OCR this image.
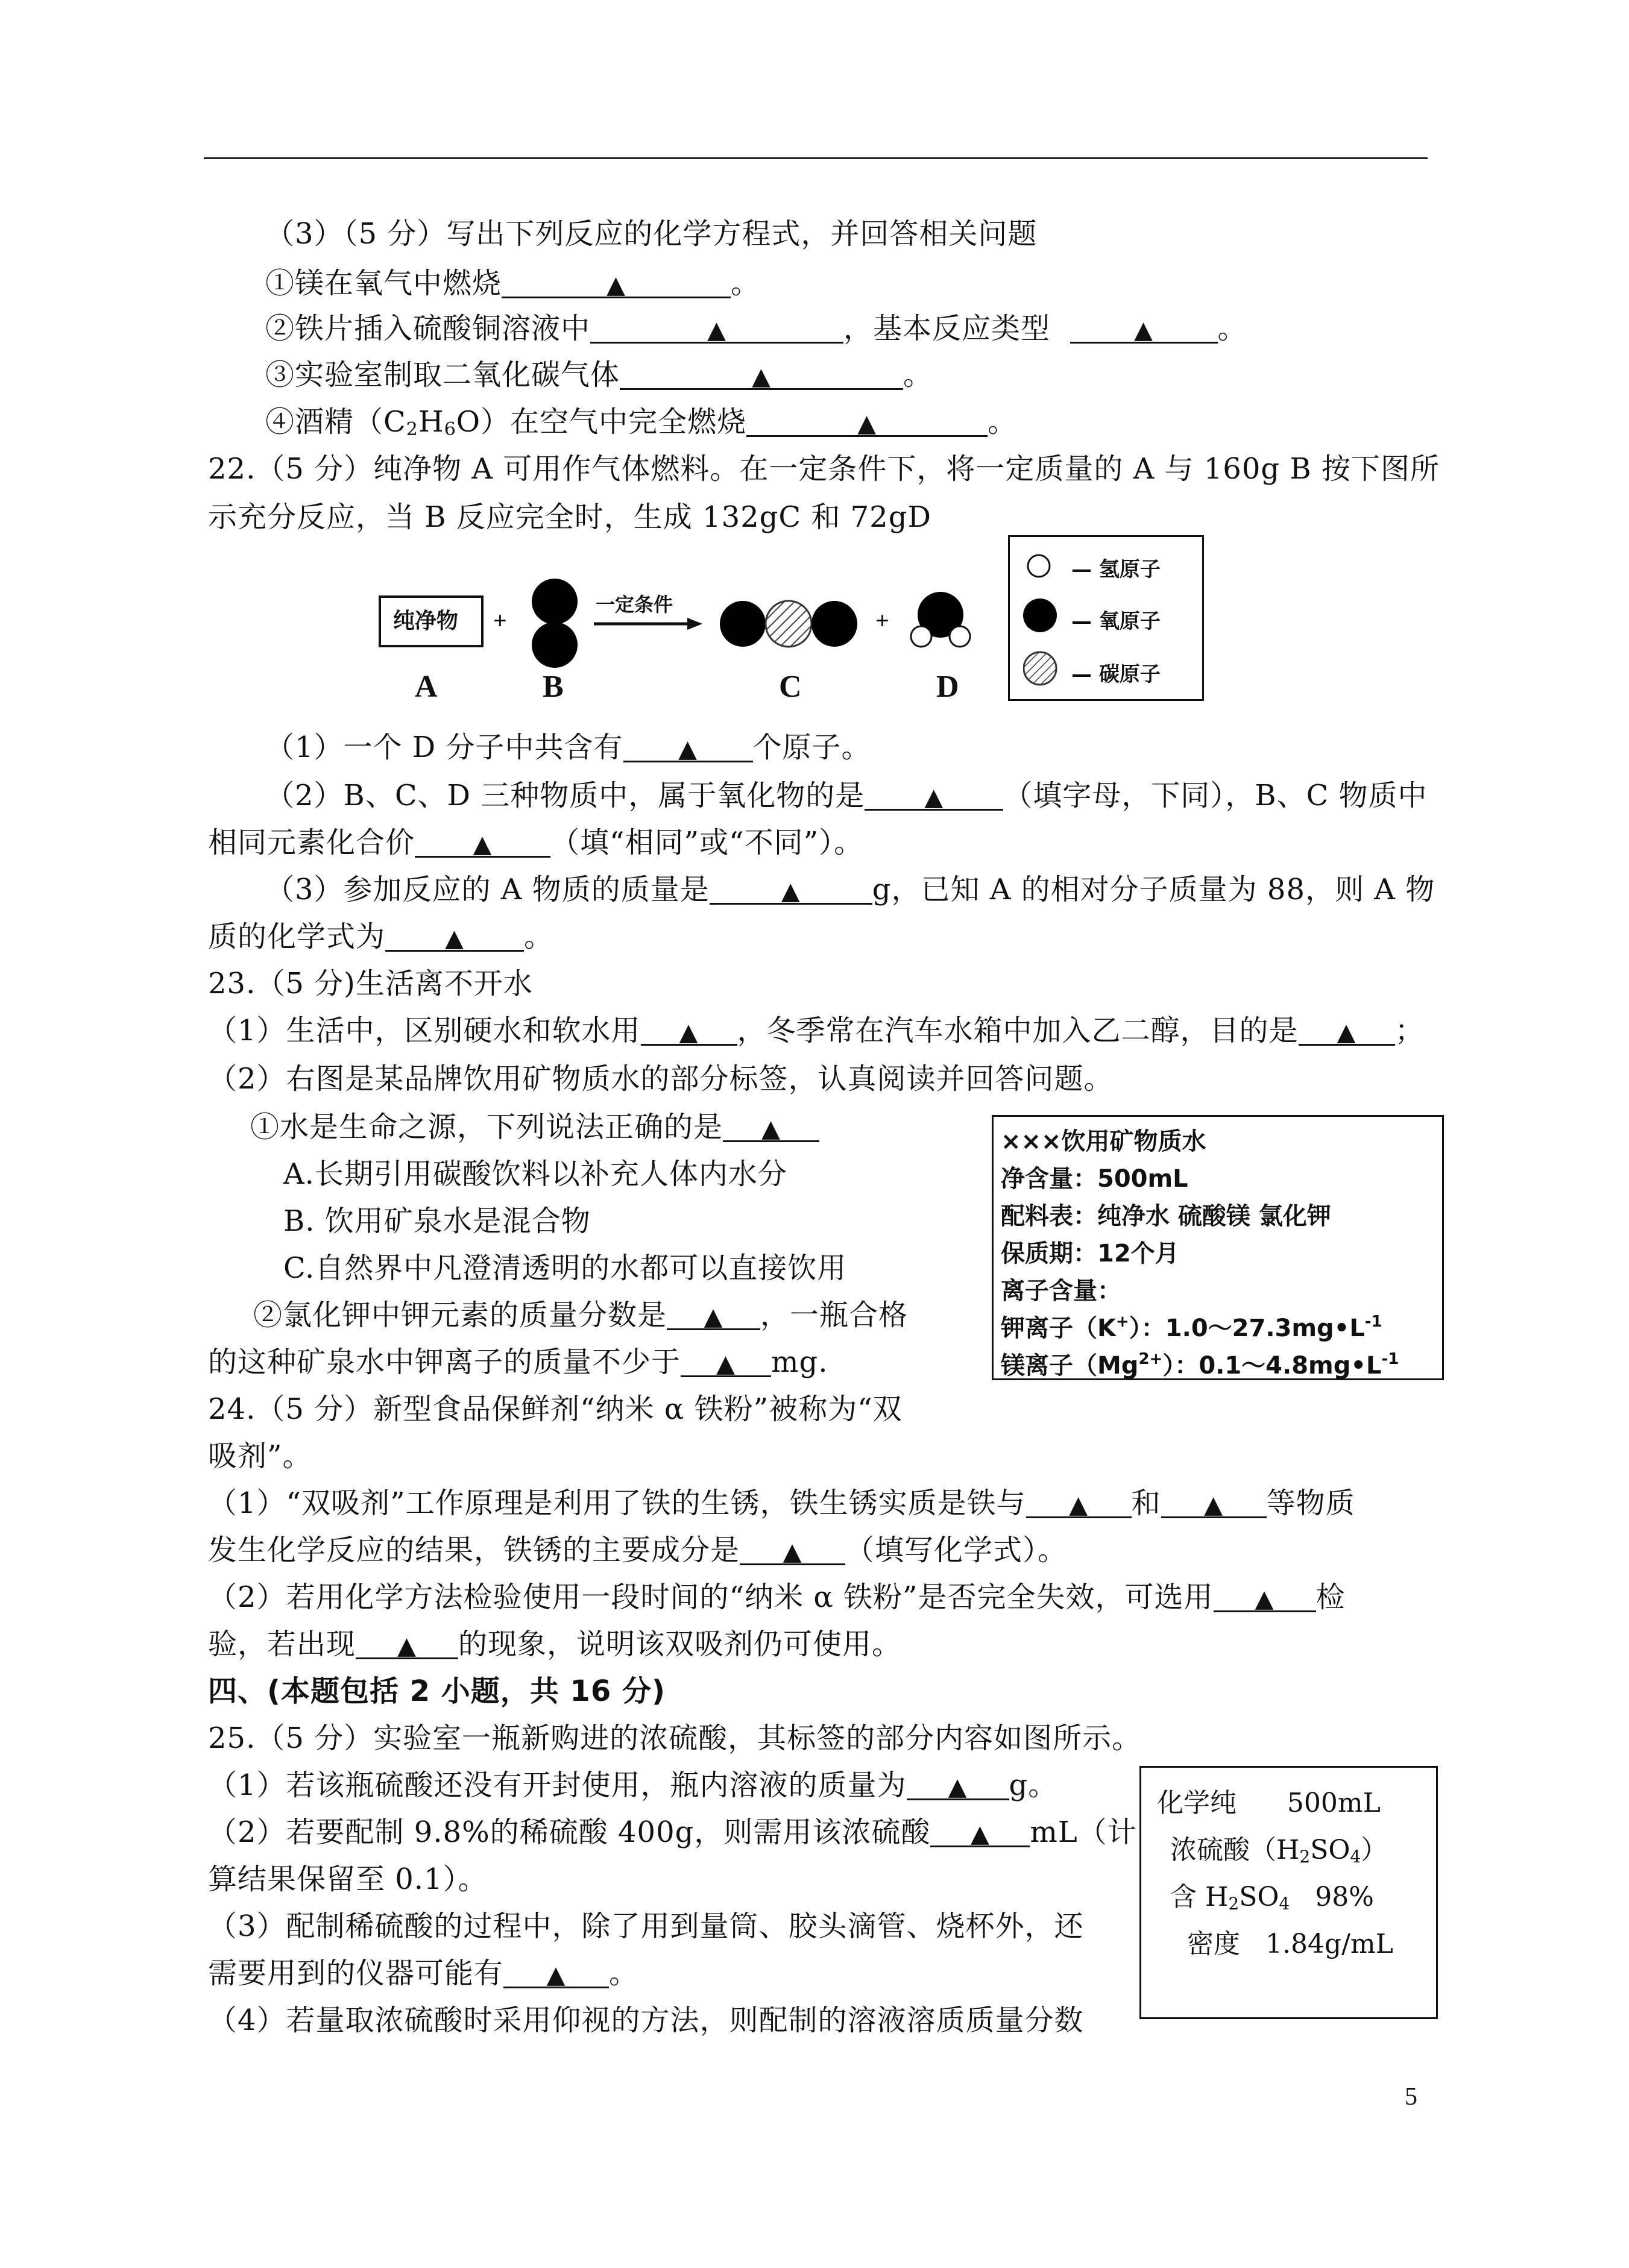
（3）（5 分）写出下列反应的化学方程式，并回答相关问题
①镁在氧气中燃烧	▲	。
②铁片插入硫酸铜溶液中	▲	，基本反应类型	▲ 。
③实验室制取二氧化碳气体	▲	。
④酒精$(C_2H_6O)$在空气中完全燃烧	▲	。
22.（5 分）纯净物 A 可用作气体燃料。在一定条件下，将一定质量的 A 与 160g B 按下图所
示充分反应，当 B 反应完全时，生成 132gC 和 72gD
纯净物 +	+
一定条件
A	B	C	D
— 氢原子
— 氧原子
— 碳原子
（1）一个 D 分子中共含有 ▲ 个原子。
（2）B、C、D 三种物质中，属于氧化物的是 ▲ （填字母，下同），B、C 物质中
相同元素化合价 ▲ （填“相同”或“不同”）。
（3）参加反应的 A 物质的质量是	▲ g，已知 A 的相对分子质量为 88，则 A 物
质的化学式为 ▲ 。
23.（5 分)生活离不开水
（1）生活中，区别硬水和软水用 ▲ ，冬季常在汽车水箱中加入乙二醇，目的是 ▲ ；
（2）右图是某品牌饮用矿物质水的部分标签，认真阅读并回答问题。
①水是生命之源，下列说法正确的是 ▲
A.长期引用碳酸饮料以补充人体内水分
B. 饮用矿泉水是混合物
C.自然界中凡澄清透明的水都可以直接饮用
②氯化钾中钾元素的质量分数是 ▲ ，一瓶合格
的这种矿泉水中钾离子的质量不少于 ▲ mg.
×××饮用矿物质水
净含量：500mL
配料表：纯净水 硫酸镁 氯化钾
保质期：12个月
离子含量：
钾离子（K+）：$1.0\sim 27.3mg•L^{-1}$
镁离子$(Mg^{2+})$：$0.1\sim 4.8mg•L^{-1}$
24.（5 分）新型食品保鲜剂“纳米 α 铁粉”被称为“双
吸剂”。
（1）“双吸剂”工作原理是利用了铁的生锈，铁生锈实质是铁与 ▲ 和 ▲ 等物质
发生化学反应的结果，铁锈的主要成分是 ▲ （填写化学式）。
（2）若用化学方法检验使用一段时间的“纳米 α 铁粉”是否完全失效，可选用 ▲ 检
验，若出现 ▲ 的现象，说明该双吸剂仍可使用。
四、(本题包括 2 小题，共 16 分)
25.（5 分）实验室一瓶新购进的浓硫酸，其标签的部分内容如图所示。
（1）若该瓶硫酸还没有开封使用，瓶内溶液的质量为 ▲ g。
（2）若要配制 9.8%的稀硫酸 400g，则需用该浓硫酸 ▲ mL（计
算结果保留至 0.1）。
（3）配制稀硫酸的过程中，除了用到量筒、胶头滴管、烧杯外，还
需要用到的仪器可能有 ▲ 。
（4）若量取浓硫酸时采用仰视的方法，则配制的溶液溶质质量分数
化学纯      500mL
浓硫酸$(H_2SO_4)$
含 $H_2SO_4$   98%
密度   1.84g/mL
5
